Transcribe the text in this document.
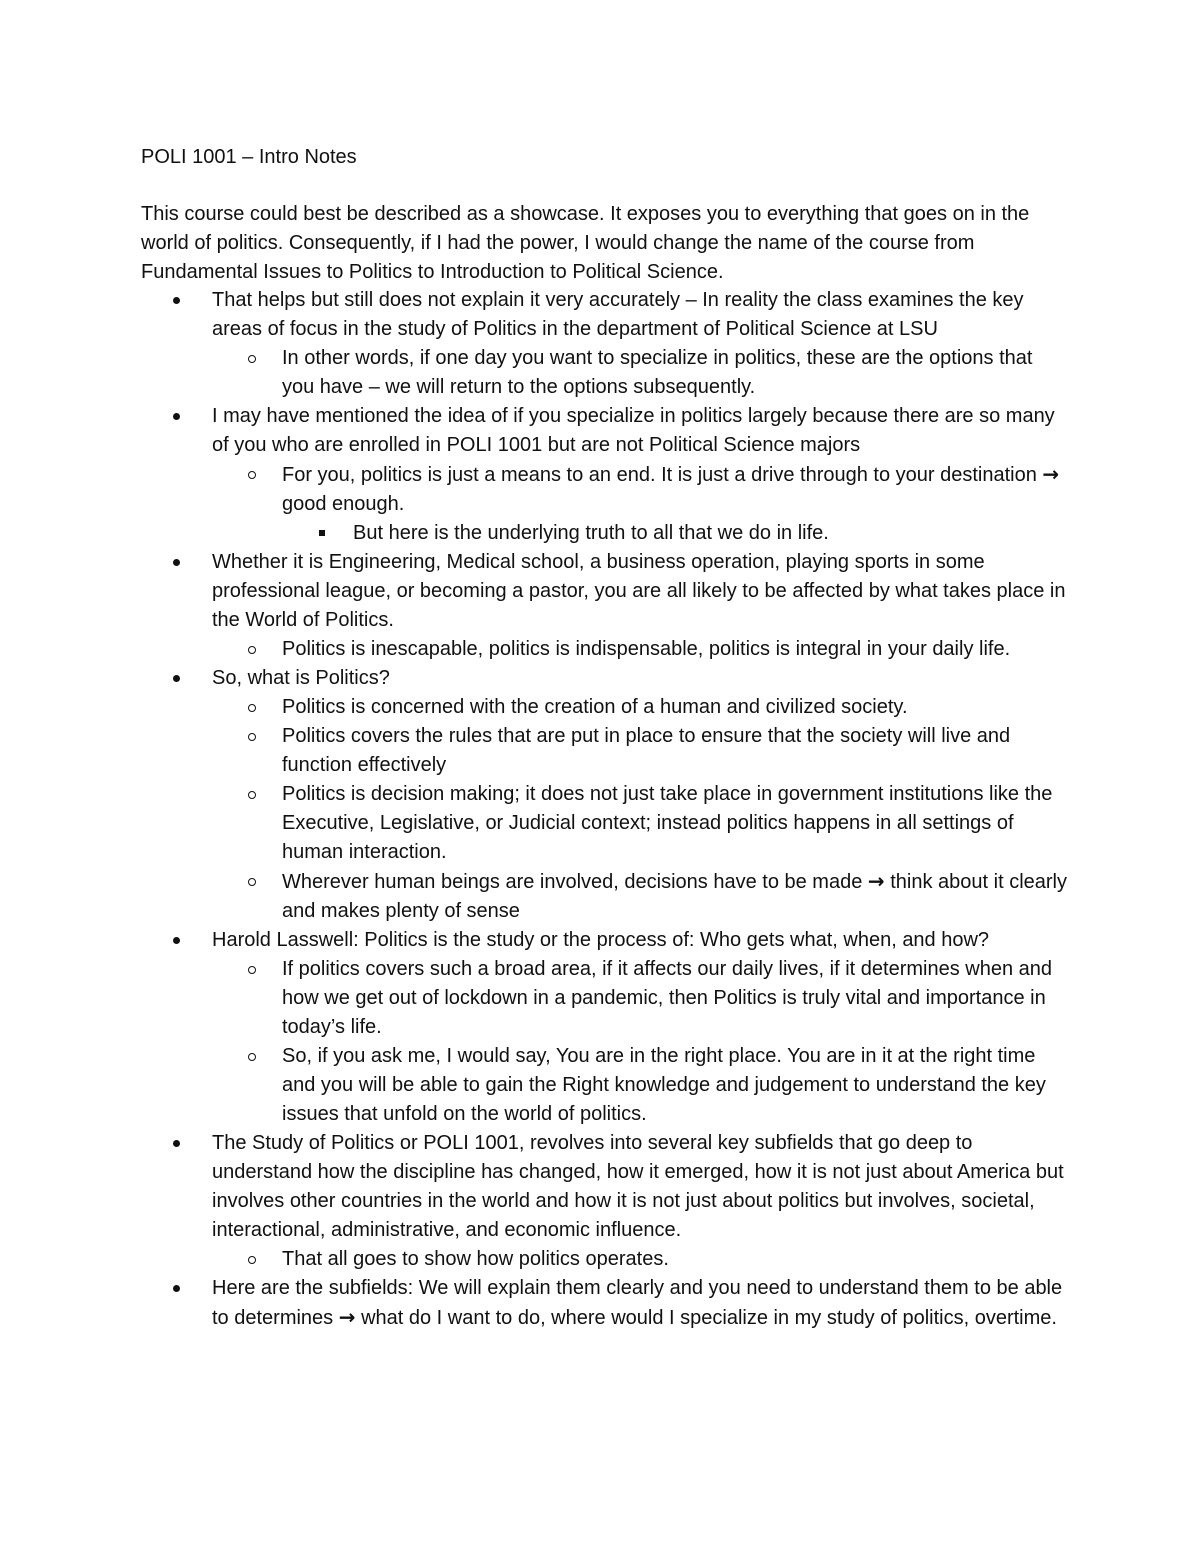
POLI 1001 – Intro Notes

This course could best be described as a showcase. It exposes you to everything that goes on in the world of politics. Consequently, if I had the power, I would change the name of the course from Fundamental Issues to Politics to Introduction to Political Science.

That helps but still does not explain it very accurately – In reality the class examines the key areas of focus in the study of Politics in the department of Political Science at LSU
In other words, if one day you want to specialize in politics, these are the options that you have – we will return to the options subsequently.
I may have mentioned the idea of if you specialize in politics largely because there are so many of you who are enrolled in POLI 1001 but are not Political Science majors
For you, politics is just a means to an end. It is just a drive through to your destination → good enough.
But here is the underlying truth to all that we do in life.
Whether it is Engineering, Medical school, a business operation, playing sports in some professional league, or becoming a pastor, you are all likely to be affected by what takes place in the World of Politics.
Politics is inescapable, politics is indispensable, politics is integral in your daily life.
So, what is Politics?
Politics is concerned with the creation of a human and civilized society.
Politics covers the rules that are put in place to ensure that the society will live and function effectively
Politics is decision making; it does not just take place in government institutions like the Executive, Legislative, or Judicial context; instead politics happens in all settings of human interaction.
Wherever human beings are involved, decisions have to be made → think about it clearly and makes plenty of sense
Harold Lasswell: Politics is the study or the process of: Who gets what, when, and how?
If politics covers such a broad area, if it affects our daily lives, if it determines when and how we get out of lockdown in a pandemic, then Politics is truly vital and importance in today’s life.
So, if you ask me, I would say, You are in the right place. You are in it at the right time and you will be able to gain the Right knowledge and judgement to understand the key issues that unfold on the world of politics.
The Study of Politics or POLI 1001, revolves into several key subfields that go deep to understand how the discipline has changed, how it emerged, how it is not just about America but involves other countries in the world and how it is not just about politics but involves, societal, interactional, administrative, and economic influence.
That all goes to show how politics operates.
Here are the subfields: We will explain them clearly and you need to understand them to be able to determines → what do I want to do, where would I specialize in my study of politics, overtime.
